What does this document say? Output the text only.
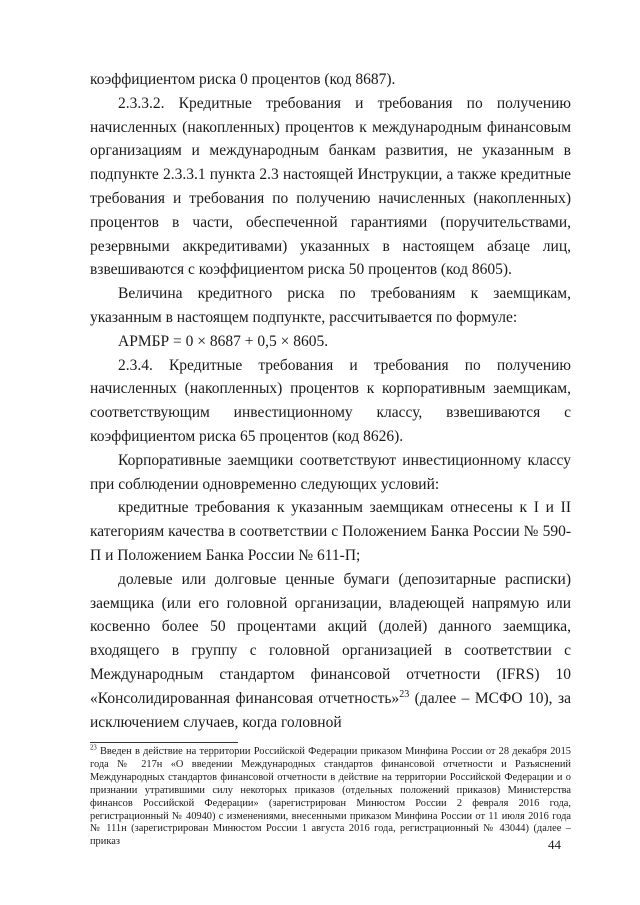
коэффициентом риска 0 процентов (код 8687).

2.3.3.2. Кредитные требования и требования по получению начисленных (накопленных) процентов к международным финансовым организациям и международным банкам развития, не указанным в подпункте 2.3.3.1 пункта 2.3 настоящей Инструкции, а также кредитные требования и требования по получению начисленных (накопленных) процентов в части, обеспеченной гарантиями (поручительствами, резервными аккредитивами) указанных в настоящем абзаце лиц, взвешиваются с коэффициентом риска 50 процентов (код 8605).

Величина кредитного риска по требованиям к заемщикам, указанным в настоящем подпункте, рассчитывается по формуле:

АРМБР = 0 × 8687 + 0,5 × 8605.

2.3.4. Кредитные требования и требования по получению начисленных (накопленных) процентов к корпоративным заемщикам, соответствующим инвестиционному классу, взвешиваются с коэффициентом риска 65 процентов (код 8626).

Корпоративные заемщики соответствуют инвестиционному классу при соблюдении одновременно следующих условий:

кредитные требования к указанным заемщикам отнесены к I и II категориям качества в соответствии с Положением Банка России № 590-П и Положением Банка России № 611-П;

долевые или долговые ценные бумаги (депозитарные расписки) заемщика (или его головной организации, владеющей напрямую или косвенно более 50 процентами акций (долей) данного заемщика, входящего в группу с головной организацией в соответствии с Международным стандартом финансовой отчетности (IFRS) 10 «Консолидированная финансовая отчетность»$^{23}$ (далее – МСФО 10), за исключением случаев, когда головной

$^{23}$ Введен в действие на территории Российской Федерации приказом Минфина России от 28 декабря 2015 года № 217н «О введении Международных стандартов финансовой отчетности и Разъяснений Международных стандартов финансовой отчетности в действие на территории Российской Федерации и о признании утратившими силу некоторых приказов (отдельных положений приказов) Министерства финансов Российской Федерации» (зарегистрирован Минюстом России 2 февраля 2016 года, регистрационный № 40940) с изменениями, внесенными приказом Минфина России от 11 июля 2016 года № 111н (зарегистрирован Минюстом России 1 августа 2016 года, регистрационный № 43044) (далее – приказ	44
